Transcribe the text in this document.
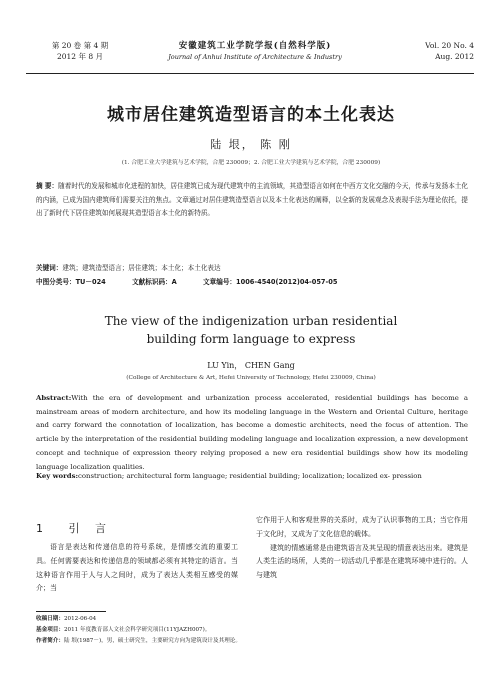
第 20 卷 第 4 期
2012 年 8 月
安徽建筑工业学院学报(自然科学版)
Journal of Anhui Institute of Architecture & Industry
Vol. 20 No. 4
Aug. 2012
城市居住建筑造型语言的本土化表达
陆 垠， 陈 刚
(1. 合肥工业大学建筑与艺术学院，合肥 230009；2. 合肥工业大学建筑与艺术学院，合肥 230009)
摘 要：随着时代的发展和城市化进程的加快，居住建筑已成为现代建筑中的主流领域，其造型语言如何在中西方文化交融的今天，传承与发扬本土化的内涵，已成为国内建筑师们需要关注的焦点。文章通过对居住建筑造型语言以及本土化表达的阐释，以全新的发展观念及表现手法为理论依托，提出了新时代下居住建筑如何展现其造型语言本土化的新特质。
关键词：建筑；建筑造型语言；居住建筑；本土化；本土化表达
中图分类号：TU－024	文献标识码：A	文章编号：1006-4540(2012)04-057-05
The view of the indigenization urban residential
building form language to express
LU Yin， CHEN Gang
(College of Architecture & Art, Hefei University of Technology, Hefei 230009, China)
Abstract:With the era of development and urbanization process accelerated, residential buildings has become a mainstream areas of modern architecture, and how its modeling language in the Western and Oriental Culture, heritage and carry forward the connotation of localization, has become a domestic architects, need the focus of attention. The article by the interpretation of the residential building modeling language and localization expression, a new development concept and technique of expression theory relying proposed a new era residential buildings show how its modeling language localization qualities.
Key words:construction; architectural form language; residential building; localization; localized ex- pression
1 引 言

语言是表达和传递信息的符号系统，是情感交流的重要工具。任何需要表达和传递信息的领域都必须有其特定的语言。当这种语言作用于人与人之间时，成为了表达人类相互感受的媒介；当

它作用于人和客观世界的关系时，成为了认识事物的工具；当它作用于文化时，又成为了文化信息的载体。

建筑的情感通常是由建筑语言及其呈现的情意表达出来。建筑是人类生活的场所，人类的一切活动几乎都是在建筑环境中进行的。人与建筑

收稿日期：2012-06-04
基金项目：2011 年度教育部人文社会科学研究项目(11YJAZH007)。
作者简介：陆 垠(1987－)，男，硕士研究生，主要研究方向为建筑设计及其理论。
